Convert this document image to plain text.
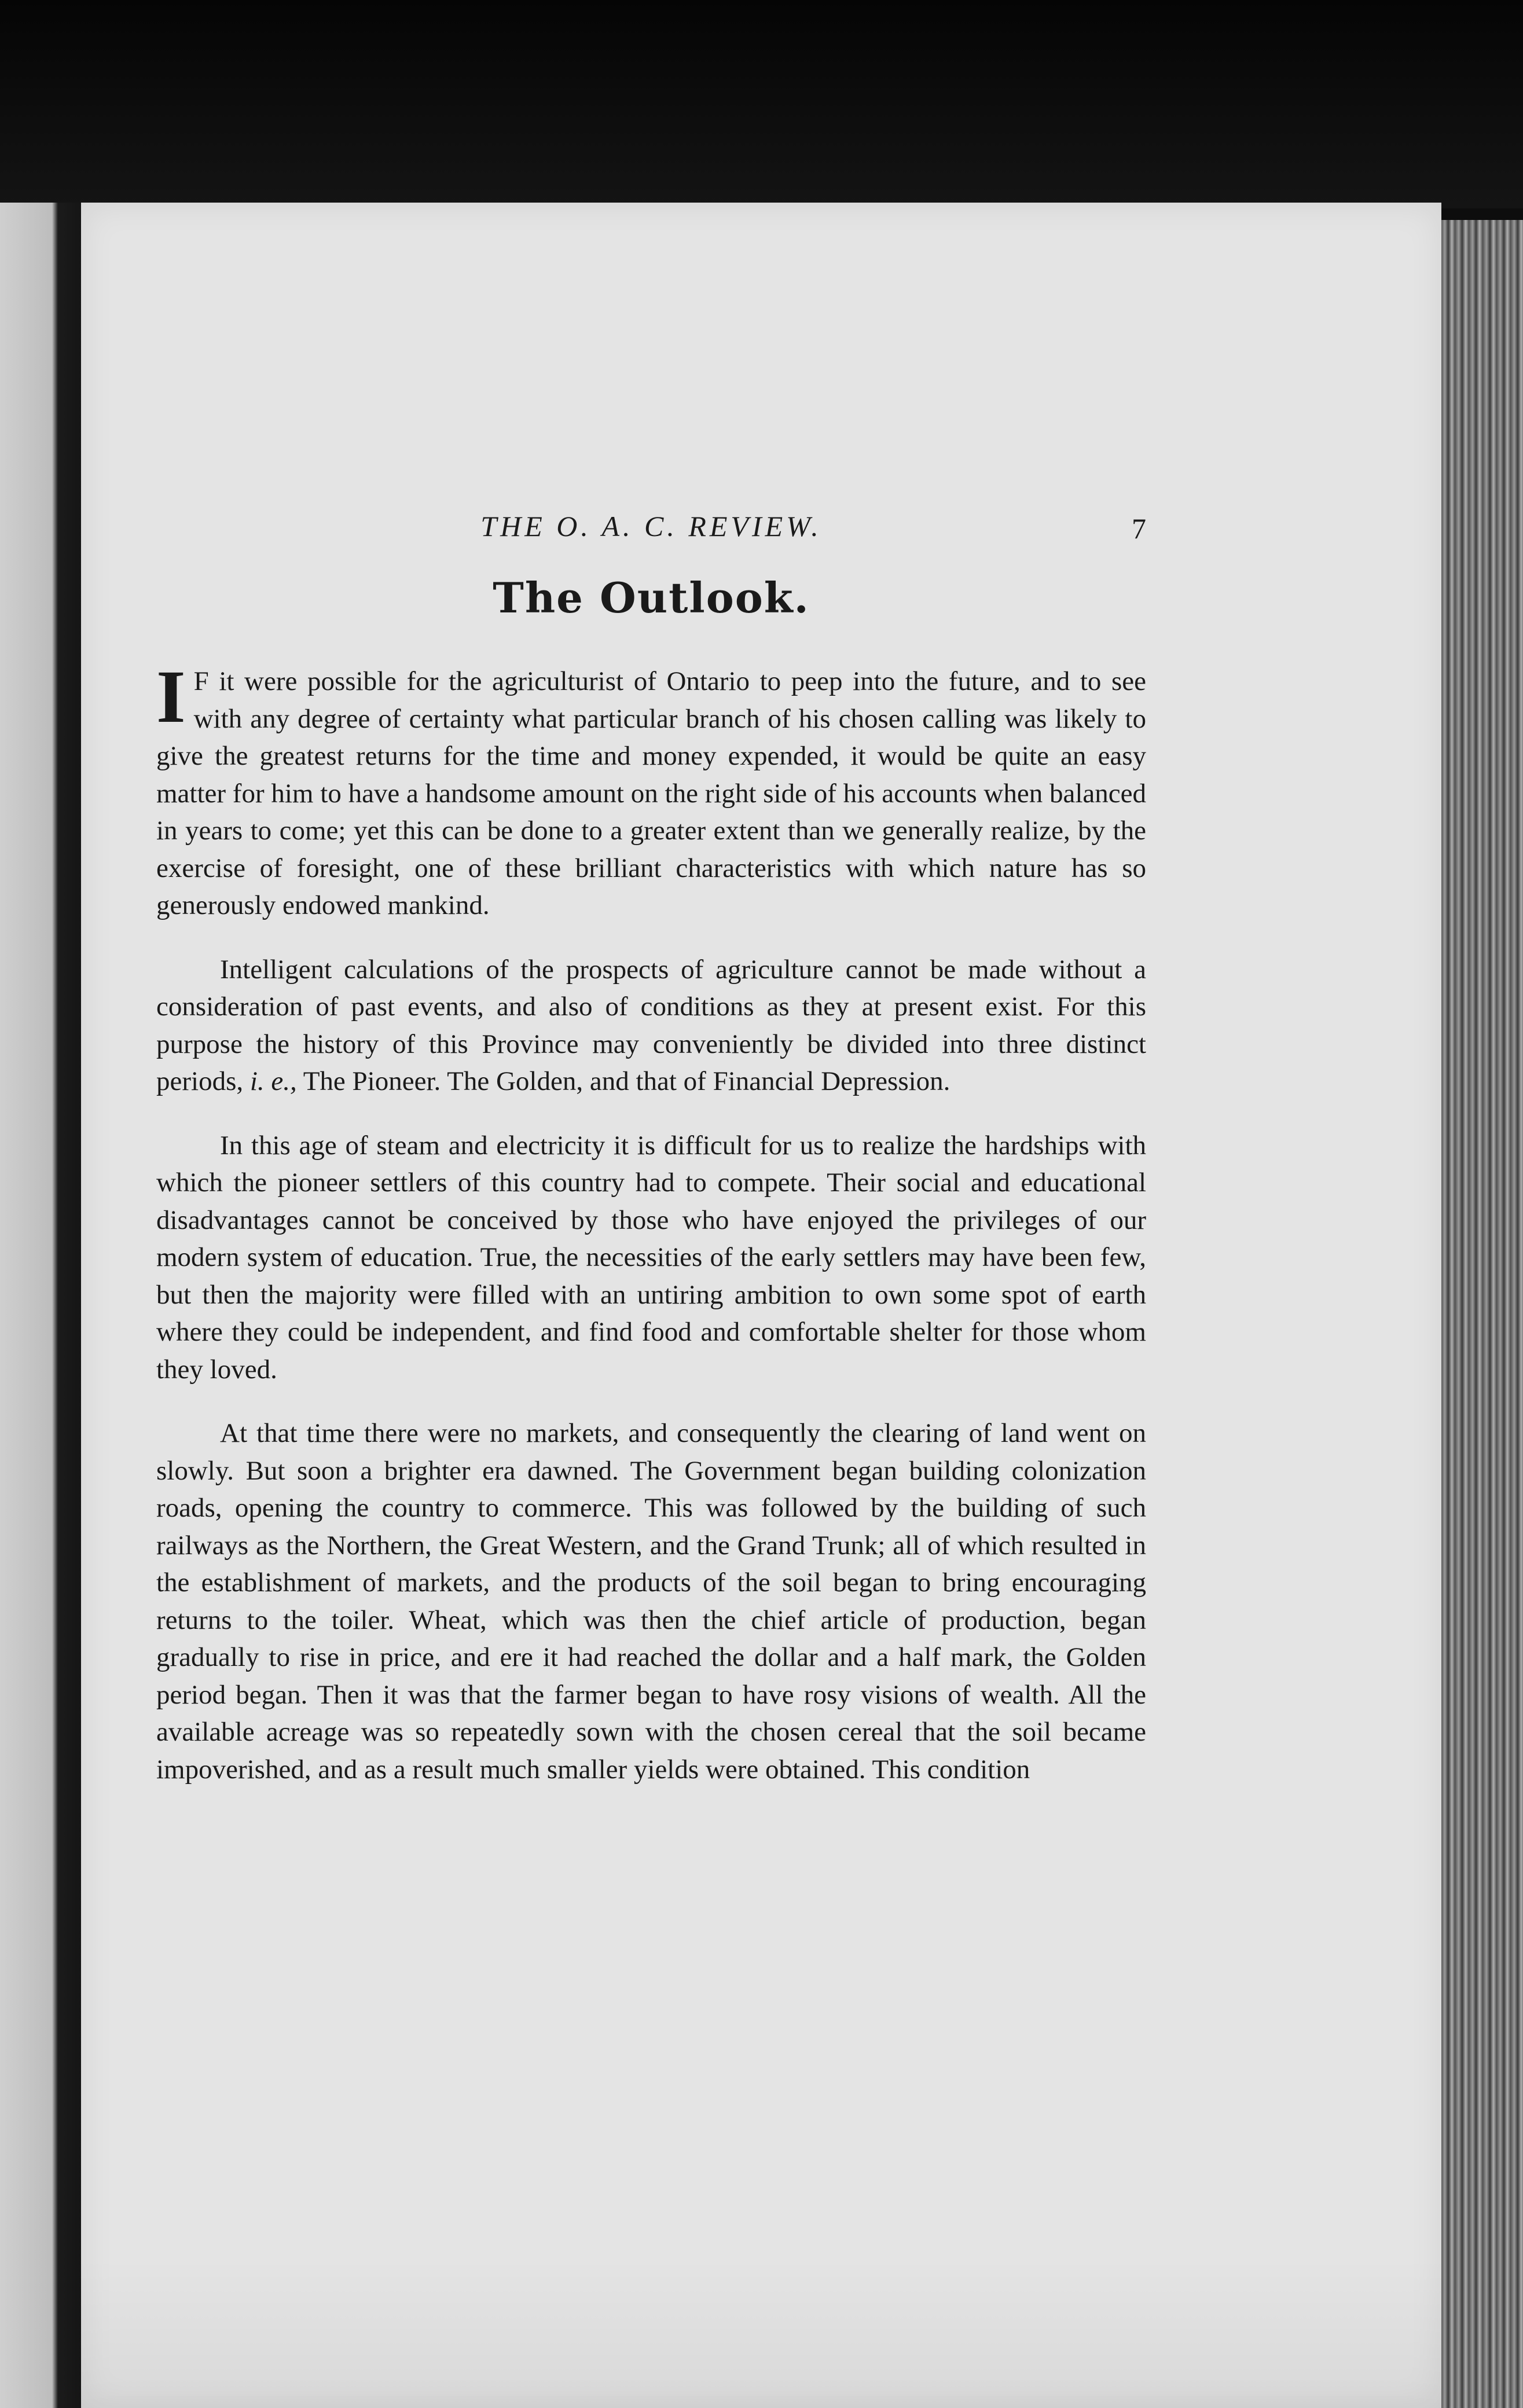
THE O. A. C. REVIEW.	7
The Outlook.

I F it were possible for the agriculturist of Ontario to peep into the future, and to see with any degree of certainty what particular branch of his chosen calling was likely to give the greatest returns for the time and money expended, it would be quite an easy matter for him to have a handsome amount on the right side of his accounts when balanced in years to come; yet this can be done to a greater extent than we generally realize, by the exercise of foresight, one of these brilliant characteristics with which nature has so generously endowed mankind.

Intelligent calculations of the prospects of agriculture cannot be made without a consideration of past events, and also of conditions as they at present exist. For this purpose the history of this Province may conveniently be divided into three distinct periods, i. e., The Pioneer. The Golden, and that of Financial Depression.

In this age of steam and electricity it is difficult for us to realize the hardships with which the pioneer settlers of this country had to compete. Their social and educational disadvantages cannot be conceived by those who have enjoyed the privileges of our modern system of education. True, the necessities of the early settlers may have been few, but then the majority were filled with an untiring ambition to own some spot of earth where they could be independent, and find food and comfortable shelter for those whom they loved.

At that time there were no markets, and consequently the clearing of land went on slowly. But soon a brighter era dawned. The Government began building colonization roads, opening the country to commerce. This was followed by the building of such railways as the Northern, the Great Western, and the Grand Trunk; all of which resulted in the establishment of markets, and the products of the soil began to bring encouraging returns to the toiler. Wheat, which was then the chief article of production, began gradually to rise in price, and ere it had reached the dollar and a half mark, the Golden period began. Then it was that the farmer began to have rosy visions of wealth. All the available acreage was so repeatedly sown with the chosen cereal that the soil became impoverished, and as a result much smaller yields were obtained. This condition
